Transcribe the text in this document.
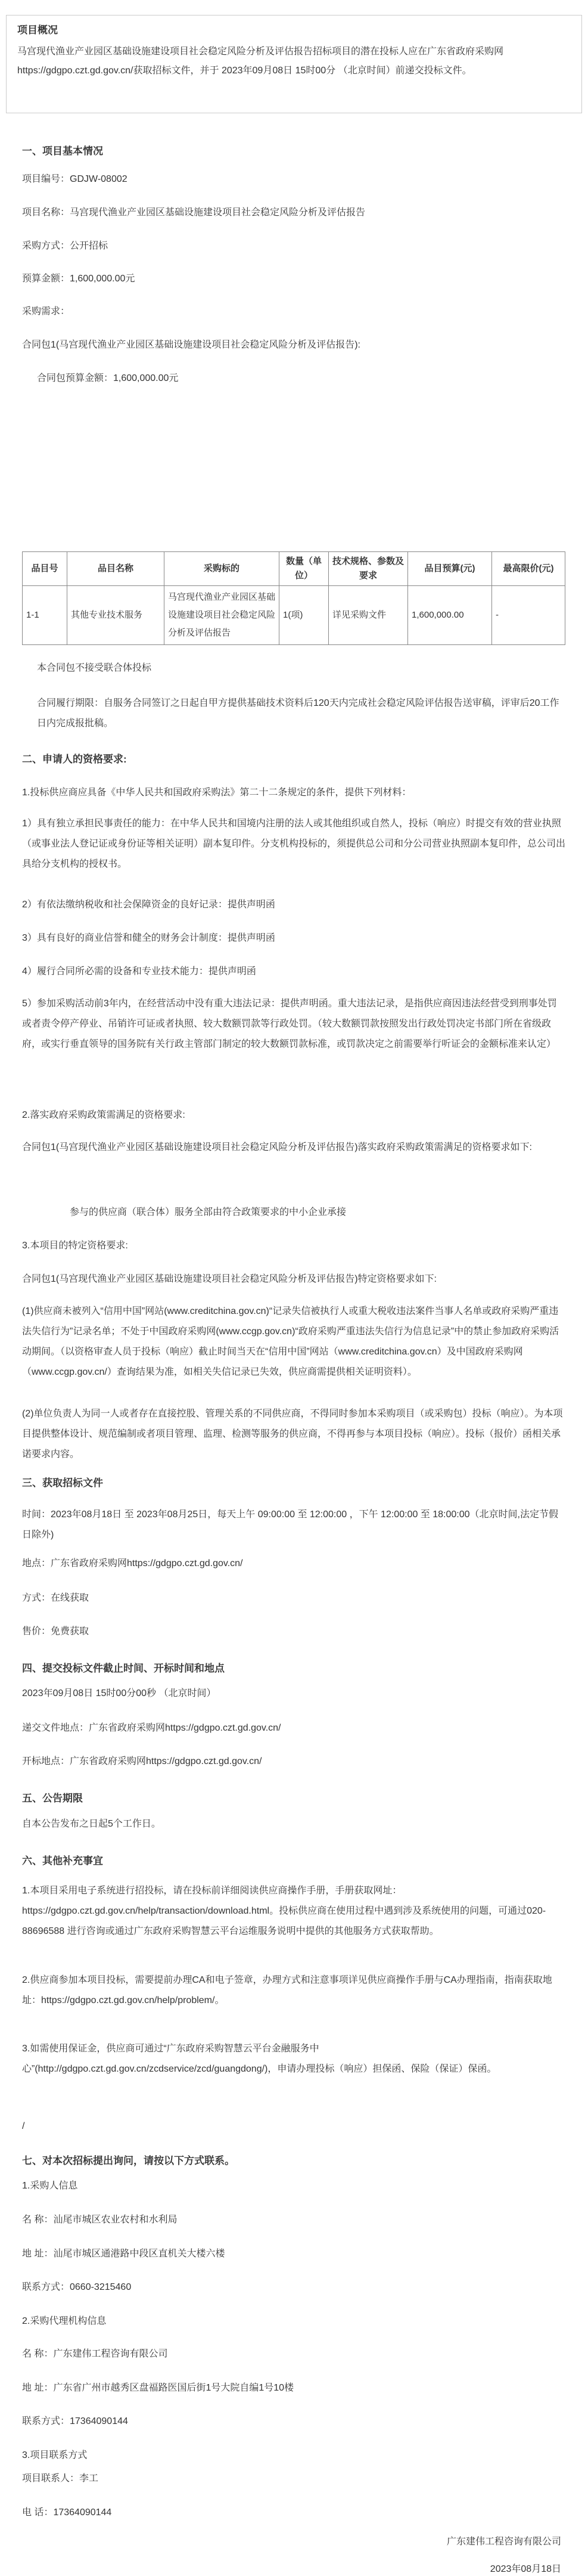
项目概况

马宫现代渔业产业园区基础设施建设项目社会稳定风险分析及评估报告招标项目的潜在投标人应在广东省政府采购网https://gdgpo.czt.gd.gov.cn/获取招标文件，并于 2023年09月08日 15时00分 （北京时间）前递交投标文件。

一、项目基本情况
项目编号：GDJW-08002
项目名称：马宫现代渔业产业园区基础设施建设项目社会稳定风险分析及评估报告
采购方式：公开招标
预算金额：1,600,000.00元
采购需求：
合同包1(马宫现代渔业产业园区基础设施建设项目社会稳定风险分析及评估报告):
合同包预算金额：1,600,000.00元
品目号	品目名称	采购标的	数量（单位）	技术规格、参数及要求	品目预算(元)	最高限价(元)
1-1	其他专业技术服务	马宫现代渔业产业园区基础设施建设项目社会稳定风险分析及评估报告	1(项)	详见采购文件	1,600,000.00	-
本合同包不接受联合体投标
合同履行期限：自服务合同签订之日起自甲方提供基础技术资料后120天内完成社会稳定风险评估报告送审稿，评审后20工作日内完成报批稿。
二、申请人的资格要求:
1.投标供应商应具备《中华人民共和国政府采购法》第二十二条规定的条件，提供下列材料：
1）具有独立承担民事责任的能力：在中华人民共和国境内注册的法人或其他组织或自然人，投标（响应）时提交有效的营业执照（或事业法人登记证或身份证等相关证明）副本复印件。分支机构投标的，须提供总公司和分公司营业执照副本复印件，总公司出具给分支机构的授权书。
2）有依法缴纳税收和社会保障资金的良好记录：提供声明函
3）具有良好的商业信誉和健全的财务会计制度：提供声明函
4）履行合同所必需的设备和专业技术能力：提供声明函
5）参加采购活动前3年内，在经营活动中没有重大违法记录：提供声明函。重大违法记录，是指供应商因违法经营受到刑事处罚或者责令停产停业、吊销许可证或者执照、较大数额罚款等行政处罚。（较大数额罚款按照发出行政处罚决定书部门所在省级政府，或实行垂直领导的国务院有关行政主管部门制定的较大数额罚款标准，或罚款决定之前需要举行听证会的金额标准来认定）
2.落实政府采购政策需满足的资格要求:
合同包1(马宫现代渔业产业园区基础设施建设项目社会稳定风险分析及评估报告)落实政府采购政策需满足的资格要求如下:
参与的供应商（联合体）服务全部由符合政策要求的中小企业承接
3.本项目的特定资格要求:
合同包1(马宫现代渔业产业园区基础设施建设项目社会稳定风险分析及评估报告)特定资格要求如下:
(1)供应商未被列入“信用中国”网站(www.creditchina.gov.cn)“记录失信被执行人或重大税收违法案件当事人名单或政府采购严重违法失信行为”记录名单；不处于中国政府采购网(www.ccgp.gov.cn)“政府采购严重违法失信行为信息记录”中的禁止参加政府采购活动期间。（以资格审查人员于投标（响应）截止时间当天在“信用中国”网站（www.creditchina.gov.cn）及中国政府采购网（www.ccgp.gov.cn/）查询结果为准，如相关失信记录已失效，供应商需提供相关证明资料）。
(2)单位负责人为同一人或者存在直接控股、管理关系的不同供应商，不得同时参加本采购项目（或采购包）投标（响应）。为本项目提供整体设计、规范编制或者项目管理、监理、检测等服务的供应商，不得再参与本项目投标（响应）。投标（报价）函相关承诺要求内容。
三、获取招标文件
时间：2023年08月18日 至 2023年08月25日，每天上午 09:00:00 至 12:00:00 ，下午 12:00:00 至 18:00:00（北京时间,法定节假日除外)
地点：广东省政府采购网https://gdgpo.czt.gd.gov.cn/
方式：在线获取
售价：免费获取
四、提交投标文件截止时间、开标时间和地点
2023年09月08日 15时00分00秒 （北京时间）
递交文件地点：广东省政府采购网https://gdgpo.czt.gd.gov.cn/
开标地点：广东省政府采购网https://gdgpo.czt.gd.gov.cn/
五、公告期限
自本公告发布之日起5个工作日。
六、其他补充事宜
1.本项目采用电子系统进行招投标，请在投标前详细阅读供应商操作手册，手册获取网址：https://gdgpo.czt.gd.gov.cn/help/transaction/download.html。投标供应商在使用过程中遇到涉及系统使用的问题，可通过020-88696588 进行咨询或通过广东政府采购智慧云平台运维服务说明中提供的其他服务方式获取帮助。
2.供应商参加本项目投标，需要提前办理CA和电子签章，办理方式和注意事项详见供应商操作手册与CA办理指南，指南获取地址：https://gdgpo.czt.gd.gov.cn/help/problem/。
3.如需使用保证金，供应商可通过“广东政府采购智慧云平台金融服务中心”(http://gdgpo.czt.gd.gov.cn/zcdservice/zcd/guangdong/)，申请办理投标（响应）担保函、保险（保证）保函。
/
七、对本次招标提出询问，请按以下方式联系。
1.采购人信息
名 称：汕尾市城区农业农村和水利局
地 址：汕尾市城区通港路中段区直机关大楼六楼
联系方式：0660-3215460
2.采购代理机构信息
名 称：广东建伟工程咨询有限公司
地 址：广东省广州市越秀区盘福路医国后街1号大院自编1号10楼
联系方式：17364090144
3.项目联系方式
项目联系人：李工
电 话：17364090144
广东建伟工程咨询有限公司
2023年08月18日
